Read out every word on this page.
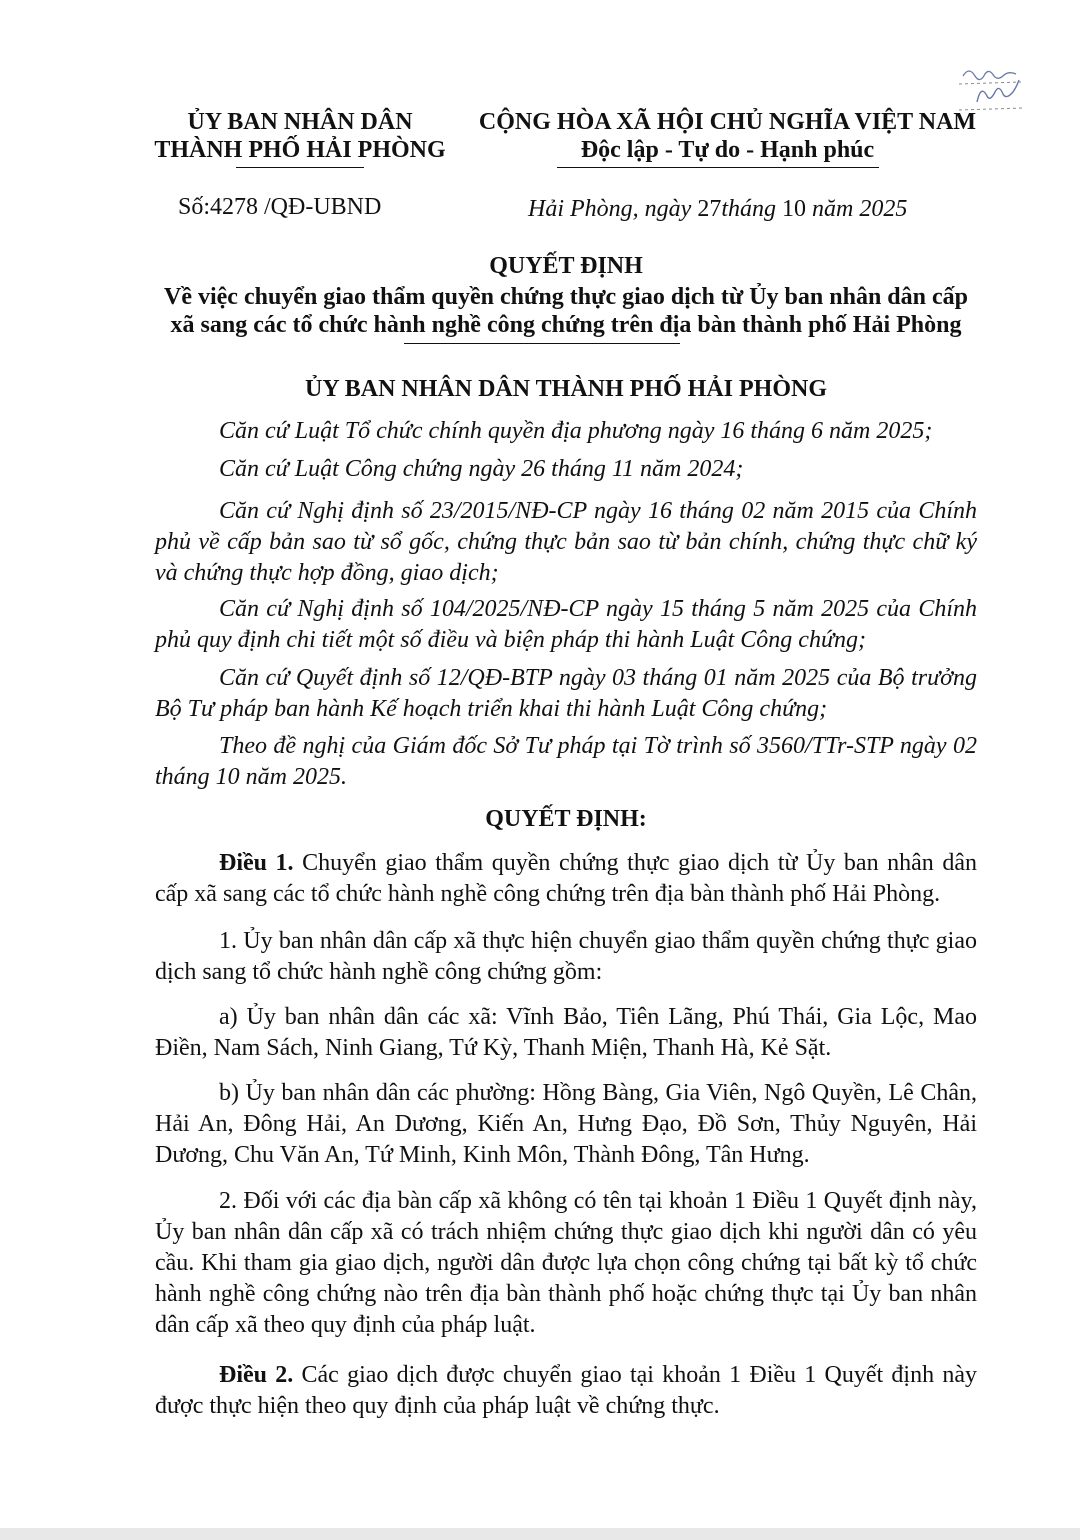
ỦY BAN NHÂN DÂN
THÀNH PHỐ HẢI PHÒNG
CỘNG HÒA XÃ HỘI CHỦ NGHĨA VIỆT NAM
Độc lập - Tự do - Hạnh phúc
Số:4278 /QĐ-UBND	Hải Phòng, ngày 27tháng 10 năm 2025
QUYẾT ĐỊNH
Về việc chuyển giao thẩm quyền chứng thực giao dịch từ Ủy ban nhân dân cấp
xã sang các tổ chức hành nghề công chứng trên địa bàn thành phố Hải Phòng
ỦY BAN NHÂN DÂN THÀNH PHỐ HẢI PHÒNG
Căn cứ Luật Tổ chức chính quyền địa phương ngày 16 tháng 6 năm 2025;
Căn cứ Luật Công chứng ngày 26 tháng 11 năm 2024;
Căn cứ Nghị định số 23/2015/NĐ-CP ngày 16 tháng 02 năm 2015 của Chính phủ về cấp bản sao từ sổ gốc, chứng thực bản sao từ bản chính, chứng thực chữ ký và chứng thực hợp đồng, giao dịch;
Căn cứ Nghị định số 104/2025/NĐ-CP ngày 15 tháng 5 năm 2025 của Chính phủ quy định chi tiết một số điều và biện pháp thi hành Luật Công chứng;
Căn cứ Quyết định số 12/QĐ-BTP ngày 03 tháng 01 năm 2025 của Bộ trưởng Bộ Tư pháp ban hành Kế hoạch triển khai thi hành Luật Công chứng;
Theo đề nghị của Giám đốc Sở Tư pháp tại Tờ trình số 3560/TTr-STP ngày 02 tháng 10 năm 2025.
QUYẾT ĐỊNH:
Điều 1. Chuyển giao thẩm quyền chứng thực giao dịch từ Ủy ban nhân dân cấp xã sang các tổ chức hành nghề công chứng trên địa bàn thành phố Hải Phòng.
1. Ủy ban nhân dân cấp xã thực hiện chuyển giao thẩm quyền chứng thực giao dịch sang tổ chức hành nghề công chứng gồm:
a) Ủy ban nhân dân các xã: Vĩnh Bảo, Tiên Lãng, Phú Thái, Gia Lộc, Mao Điền, Nam Sách, Ninh Giang, Tứ Kỳ, Thanh Miện, Thanh Hà, Kẻ Sặt.
b) Ủy ban nhân dân các phường: Hồng Bàng, Gia Viên, Ngô Quyền, Lê Chân, Hải An, Đông Hải, An Dương, Kiến An, Hưng Đạo, Đồ Sơn, Thủy Nguyên, Hải Dương, Chu Văn An, Tứ Minh, Kinh Môn, Thành Đông, Tân Hưng.
2. Đối với các địa bàn cấp xã không có tên tại khoản 1 Điều 1 Quyết định này, Ủy ban nhân dân cấp xã có trách nhiệm chứng thực giao dịch khi người dân có yêu cầu. Khi tham gia giao dịch, người dân được lựa chọn công chứng tại bất kỳ tổ chức hành nghề công chứng nào trên địa bàn thành phố hoặc chứng thực tại Ủy ban nhân dân cấp xã theo quy định của pháp luật.
Điều 2. Các giao dịch được chuyển giao tại khoản 1 Điều 1 Quyết định này được thực hiện theo quy định của pháp luật về chứng thực.
